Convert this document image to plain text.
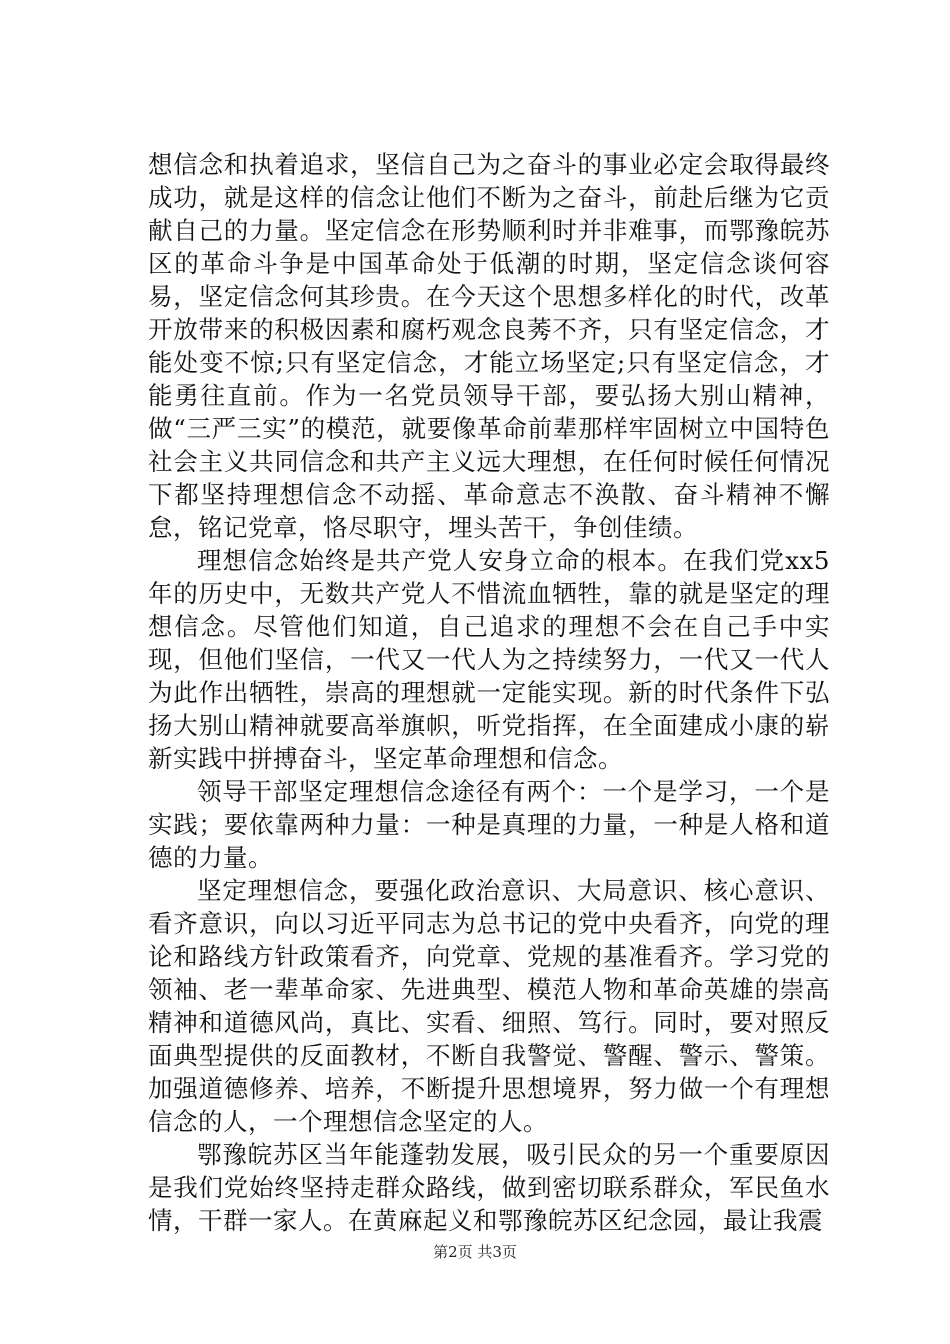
想信念和执着追求，坚信自己为之奋斗的事业必定会取得最终成功，就是这样的信念让他们不断为之奋斗，前赴后继为它贡献自己的力量。坚定信念在形势顺利时并非难事，而鄂豫皖苏区的革命斗争是中国革命处于低潮的时期，坚定信念谈何容易，坚定信念何其珍贵。在今天这个思想多样化的时代，改革开放带来的积极因素和腐朽观念良莠不齐，只有坚定信念，才能处变不惊;只有坚定信念，才能立场坚定;只有坚定信念，才能勇往直前。作为一名党员领导干部，要弘扬大别山精神，做“三严三实”的模范，就要像革命前辈那样牢固树立中国特色社会主义共同信念和共产主义远大理想，在任何时候任何情况下都坚持理想信念不动摇、革命意志不涣散、奋斗精神不懈怠，铭记党章，恪尽职守，埋头苦干，争创佳绩。

理想信念始终是共产党人安身立命的根本。在我们党xx5年的历史中，无数共产党人不惜流血牺牲，靠的就是坚定的理想信念。尽管他们知道，自己追求的理想不会在自己手中实现，但他们坚信，一代又一代人为之持续努力，一代又一代人为此作出牺牲，崇高的理想就一定能实现。新的时代条件下弘扬大别山精神就要高举旗帜，听党指挥，在全面建成小康的崭新实践中拼搏奋斗，坚定革命理想和信念。

领导干部坚定理想信念途径有两个：一个是学习，一个是实践；要依靠两种力量：一种是真理的力量，一种是人格和道德的力量。

坚定理想信念，要强化政治意识、大局意识、核心意识、看齐意识，向以习近平同志为总书记的党中央看齐，向党的理论和路线方针政策看齐，向党章、党规的基准看齐。学习党的领袖、老一辈革命家、先进典型、模范人物和革命英雄的崇高精神和道德风尚，真比、实看、细照、笃行。同时，要对照反面典型提供的反面教材，不断自我警觉、警醒、警示、警策。加强道德修养、培养，不断提升思想境界，努力做一个有理想信念的人，一个理想信念坚定的人。

鄂豫皖苏区当年能蓬勃发展，吸引民众的另一个重要原因是我们党始终坚持走群众路线，做到密切联系群众，军民鱼水情，干群一家人。在黄麻起义和鄂豫皖苏区纪念园，最让我震

第2页 共3页
